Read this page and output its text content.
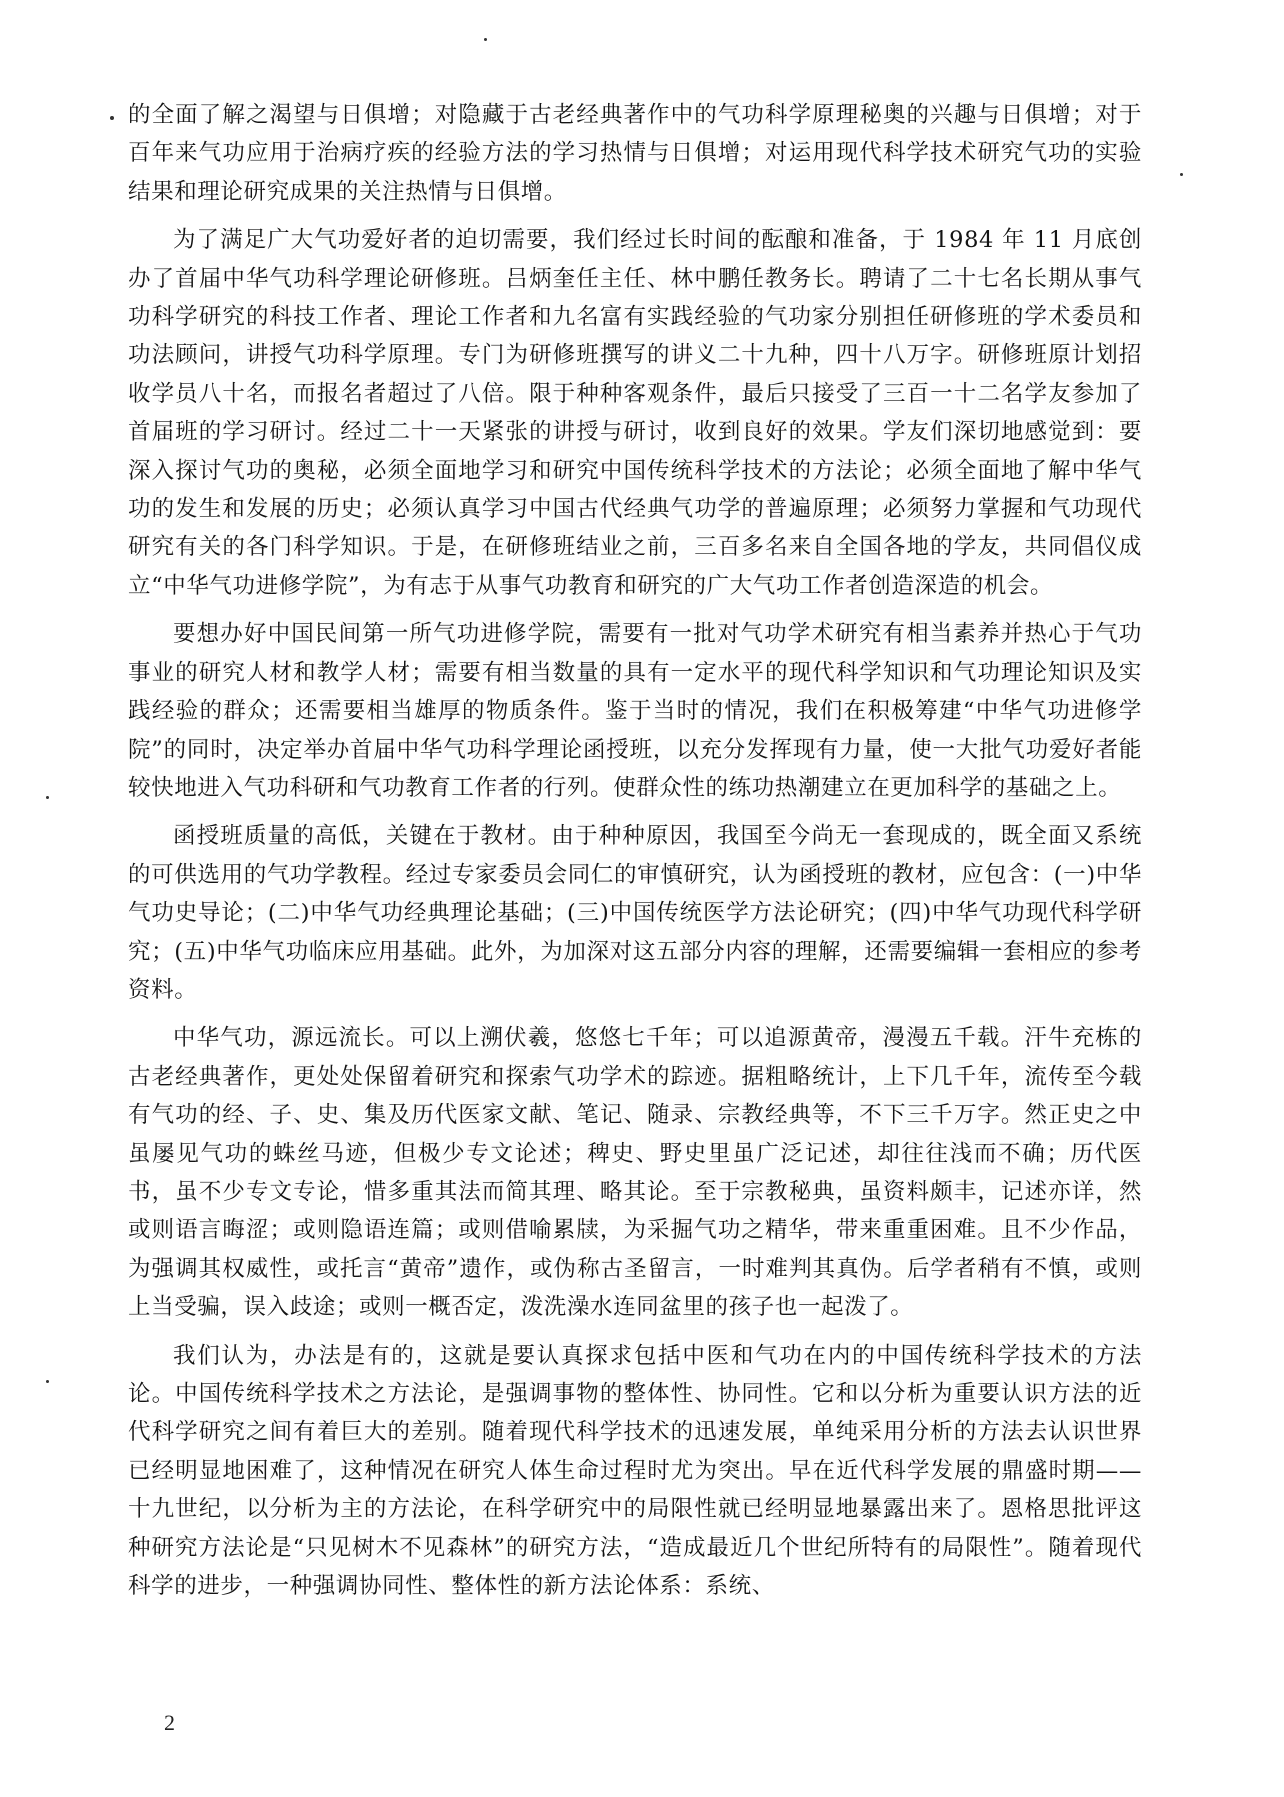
的全面了解之渴望与日俱增；对隐藏于古老经典著作中的气功科学原理秘奥的兴趣与日俱增；对于百年来气功应用于治病疗疾的经验方法的学习热情与日俱增；对运用现代科学技术研究气功的实验结果和理论研究成果的关注热情与日俱增。

为了满足广大气功爱好者的迫切需要，我们经过长时间的酝酿和准备，于 1984 年 11 月底创办了首届中华气功科学理论研修班。吕炳奎任主任、林中鹏任教务长。聘请了二十七名长期从事气功科学研究的科技工作者、理论工作者和九名富有实践经验的气功家分别担任研修班的学术委员和功法顾问，讲授气功科学原理。专门为研修班撰写的讲义二十九种，四十八万字。研修班原计划招收学员八十名，而报名者超过了八倍。限于种种客观条件，最后只接受了三百一十二名学友参加了首届班的学习研讨。经过二十一天紧张的讲授与研讨，收到良好的效果。学友们深切地感觉到：要深入探讨气功的奥秘，必须全面地学习和研究中国传统科学技术的方法论；必须全面地了解中华气功的发生和发展的历史；必须认真学习中国古代经典气功学的普遍原理；必须努力掌握和气功现代研究有关的各门科学知识。于是，在研修班结业之前，三百多名来自全国各地的学友，共同倡仪成立“中华气功进修学院”，为有志于从事气功教育和研究的广大气功工作者创造深造的机会。

要想办好中国民间第一所气功进修学院，需要有一批对气功学术研究有相当素养并热心于气功事业的研究人材和教学人材；需要有相当数量的具有一定水平的现代科学知识和气功理论知识及实践经验的群众；还需要相当雄厚的物质条件。鉴于当时的情况，我们在积极筹建“中华气功进修学院”的同时，决定举办首届中华气功科学理论函授班，以充分发挥现有力量，使一大批气功爱好者能较快地进入气功科研和气功教育工作者的行列。使群众性的练功热潮建立在更加科学的基础之上。

函授班质量的高低，关键在于教材。由于种种原因，我国至今尚无一套现成的，既全面又系统的可供选用的气功学教程。经过专家委员会同仁的审慎研究，认为函授班的教材，应包含：(一)中华气功史导论；(二)中华气功经典理论基础；(三)中国传统医学方法论研究；(四)中华气功现代科学研究；(五)中华气功临床应用基础。此外，为加深对这五部分内容的理解，还需要编辑一套相应的参考资料。

中华气功，源远流长。可以上溯伏羲，悠悠七千年；可以追源黄帝，漫漫五千载。汗牛充栋的古老经典著作，更处处保留着研究和探索气功学术的踪迹。据粗略统计，上下几千年，流传至今载有气功的经、子、史、集及历代医家文献、笔记、随录、宗教经典等，不下三千万字。然正史之中虽屡见气功的蛛丝马迹，但极少专文论述；稗史、野史里虽广泛记述，却往往浅而不确；历代医书，虽不少专文专论，惜多重其法而简其理、略其论。至于宗教秘典，虽资料颇丰，记述亦详，然或则语言晦涩；或则隐语连篇；或则借喻累牍，为采掘气功之精华，带来重重困难。且不少作品，为强调其权威性，或托言“黄帝”遗作，或伪称古圣留言，一时难判其真伪。后学者稍有不慎，或则上当受骗，误入歧途；或则一概否定，泼洗澡水连同盆里的孩子也一起泼了。

我们认为，办法是有的，这就是要认真探求包括中医和气功在内的中国传统科学技术的方法论。中国传统科学技术之方法论，是强调事物的整体性、协同性。它和以分析为重要认识方法的近代科学研究之间有着巨大的差别。随着现代科学技术的迅速发展，单纯采用分析的方法去认识世界已经明显地困难了，这种情况在研究人体生命过程时尤为突出。早在近代科学发展的鼎盛时期——十九世纪，以分析为主的方法论，在科学研究中的局限性就已经明显地暴露出来了。恩格思批评这种研究方法论是“只见树木不见森林”的研究方法，“造成最近几个世纪所特有的局限性”。随着现代科学的进步，一种强调协同性、整体性的新方法论体系：系统、

2
